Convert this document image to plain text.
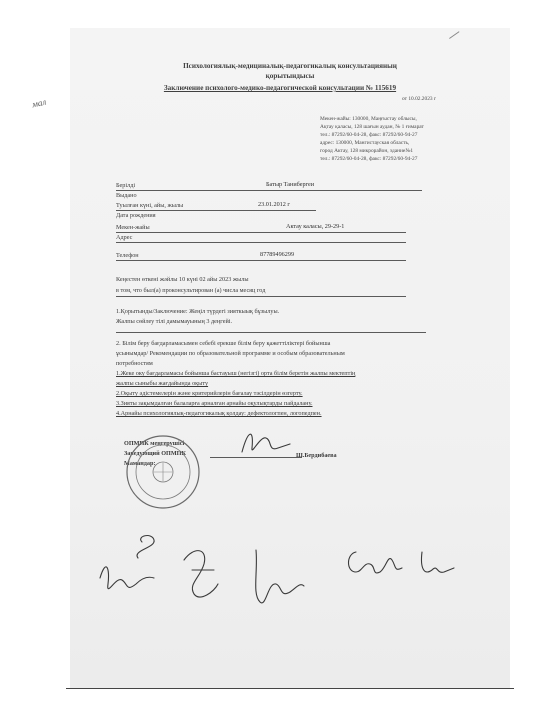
Психологиялық-медициналық-педагогикалық консультацияның
қорытындысы
Заключение психолого-медико-педагогической консультации № 115619
от 10.02.2023 г
Мекен-жайы: 130000, Маңғыстау облысы,
Ақтау қаласы, 128 шағын аудан, № 1 ғимарат
тел.: 87292/60-04-28, факс: 87292/60-94-27
адрес: 130000, Мангистауская область,
город Актау, 128 микрорайон, здание№1
тел.: 87292/60-04-28, факс: 87292/60-94-27
Берілді	Батыр Танибергеи
Выдано
Туылған күні, айы, жылы	23.01.2012 г
Дата рождения
Мекен-жайы	Актау каласы, 29-29-1
Адрес
Телефон	87789496299
Кеңестен өткені жәйлы 10 күні 02 айы 2023 жылы
в том, что был(а) проконсультирован (а) числа месяц год
1.Қорытынды/Заключение: Жеңіл түрдегі зияткыық бұзылуы.
Жалпы сөйлеу тілі дамымауының 3 деңгейі.
2. Білім беру бағдарламасымен себебі ерекше білім беру қажеттіліктері бойынша
ұсынымдар/ Рекомендации по образовательной программе и особым образовательным
потребностям
1.Жеке оку бағдарламасы бойынша бастауыш (негізгі) орта білім беретін жалпы мектептің
жалпы сыныбы жағдайында оқыту
2.Оқыту әдістемелерін және критерийлерін бағалау тәсілдерін өзгерту.
3.Зияты зақымдалған балаларға арналған арнайы оқулықтарды пайдалану.
4.Арнайы психологиялық-педагогикалық қолдау: дефектологпен, логопедпен.
ОПМПК меңгерушісі
Заведующий ОПМПК
Мамандар:
Ш.Бердибаева
мал
